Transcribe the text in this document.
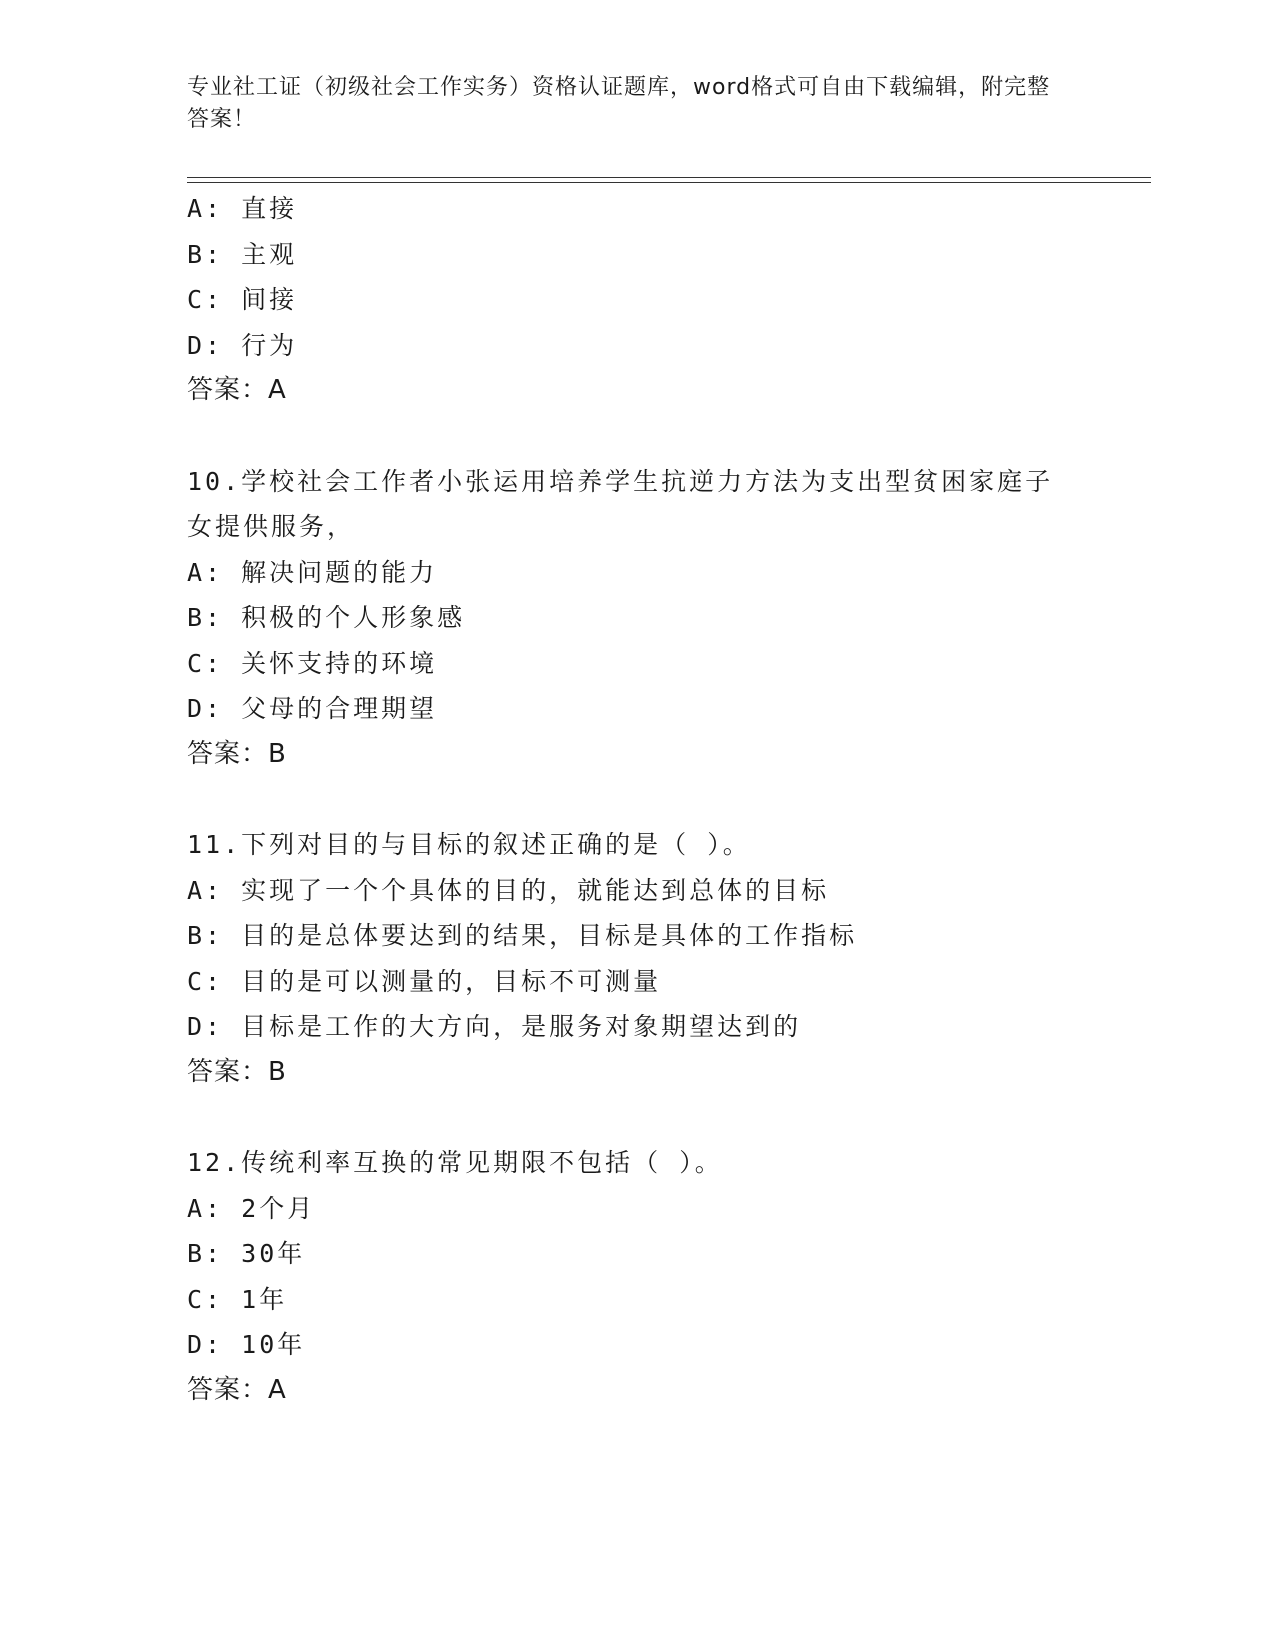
专业社工证（初级社会工作实务）资格认证题库，word格式可自由下载编辑，附完整答案！
A: 直接
B: 主观
C: 间接
D: 行为
答案：A
10.学校社会工作者小张运用培养学生抗逆力方法为支出型贫困家庭子女提供服务，
A: 解决问题的能力
B: 积极的个人形象感
C: 关怀支持的环境
D: 父母的合理期望
答案：B
11.下列对目的与目标的叙述正确的是（ ）。
A: 实现了一个个具体的目的，就能达到总体的目标
B: 目的是总体要达到的结果，目标是具体的工作指标
C: 目的是可以测量的，目标不可测量
D: 目标是工作的大方向，是服务对象期望达到的
答案：B
12.传统利率互换的常见期限不包括（ ）。
A: 2个月
B: 30年
C: 1年
D: 10年
答案：A
